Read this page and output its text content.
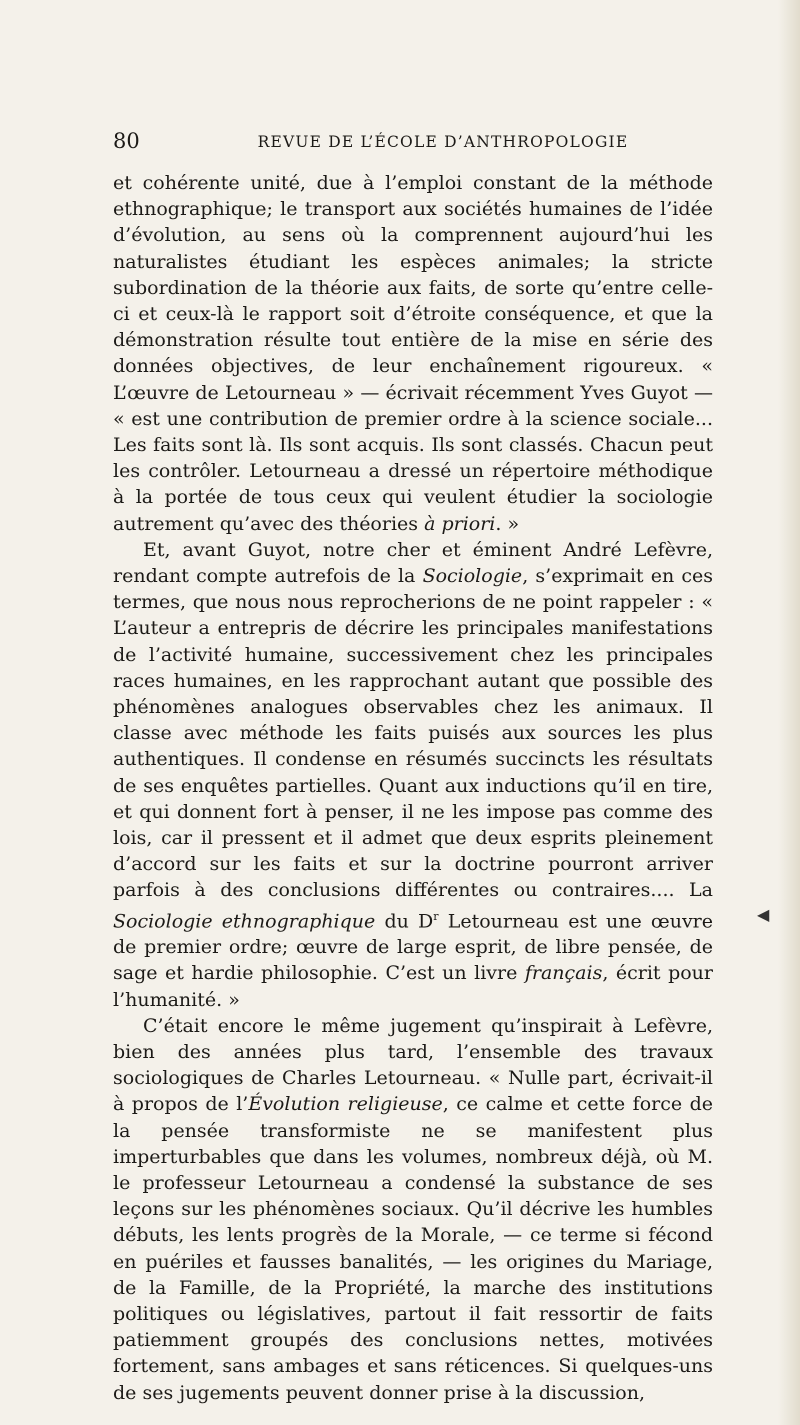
80	REVUE DE L’ÉCOLE D’ANTHROPOLOGIE

et cohérente unité, due à l’emploi constant de la méthode ethnographique; le transport aux sociétés humaines de l’idée d’évolution, au sens où la comprennent aujourd’hui les naturalistes étudiant les espèces animales; la stricte subordination de la théorie aux faits, de sorte qu’entre celle-ci et ceux-là le rapport soit d’étroite conséquence, et que la démonstration résulte tout entière de la mise en série des données objectives, de leur enchaînement rigoureux. « L’œuvre de Letourneau » — écrivait récemment Yves Guyot — « est une contribution de premier ordre à la science sociale... Les faits sont là. Ils sont acquis. Ils sont classés. Chacun peut les contrôler. Letourneau a dressé un répertoire méthodique à la portée de tous ceux qui veulent étudier la sociologie autrement qu’avec des théories à priori. »

Et, avant Guyot, notre cher et éminent André Lefèvre, rendant compte autrefois de la Sociologie, s’exprimait en ces termes, que nous nous reprocherions de ne point rappeler : « L’auteur a entrepris de décrire les principales manifestations de l’activité humaine, successivement chez les principales races humaines, en les rapprochant autant que possible des phénomènes analogues observables chez les animaux. Il classe avec méthode les faits puisés aux sources les plus authentiques. Il condense en résumés succincts les résultats de ses enquêtes partielles. Quant aux inductions qu’il en tire, et qui donnent fort à penser, il ne les impose pas comme des lois, car il pressent et il admet que deux esprits pleinement d’accord sur les faits et sur la doctrine pourront arriver parfois à des conclusions différentes ou contraires.... La Sociologie ethnographique du $D^r$ Letourneau est une œuvre de premier ordre; œuvre de large esprit, de libre pensée, de sage et hardie philosophie. C’est un livre français, écrit pour l’humanité. »

C’était encore le même jugement qu’inspirait à Lefèvre, bien des années plus tard, l’ensemble des travaux sociologiques de Charles Letourneau. « Nulle part, écrivait-il à propos de l’Évolution religieuse, ce calme et cette force de la pensée transformiste ne se manifestent plus imperturbables que dans les volumes, nombreux déjà, où M. le professeur Letourneau a condensé la substance de ses leçons sur les phénomènes sociaux. Qu’il décrive les humbles débuts, les lents progrès de la Morale, — ce terme si fécond en puériles et fausses banalités, — les origines du Mariage, de la Famille, de la Propriété, la marche des institutions politiques ou législatives, partout il fait ressortir de faits patiemment groupés des conclusions nettes, motivées fortement, sans ambages et sans réticences. Si quelques-uns de ses jugements peuvent donner prise à la discussion,

◀
